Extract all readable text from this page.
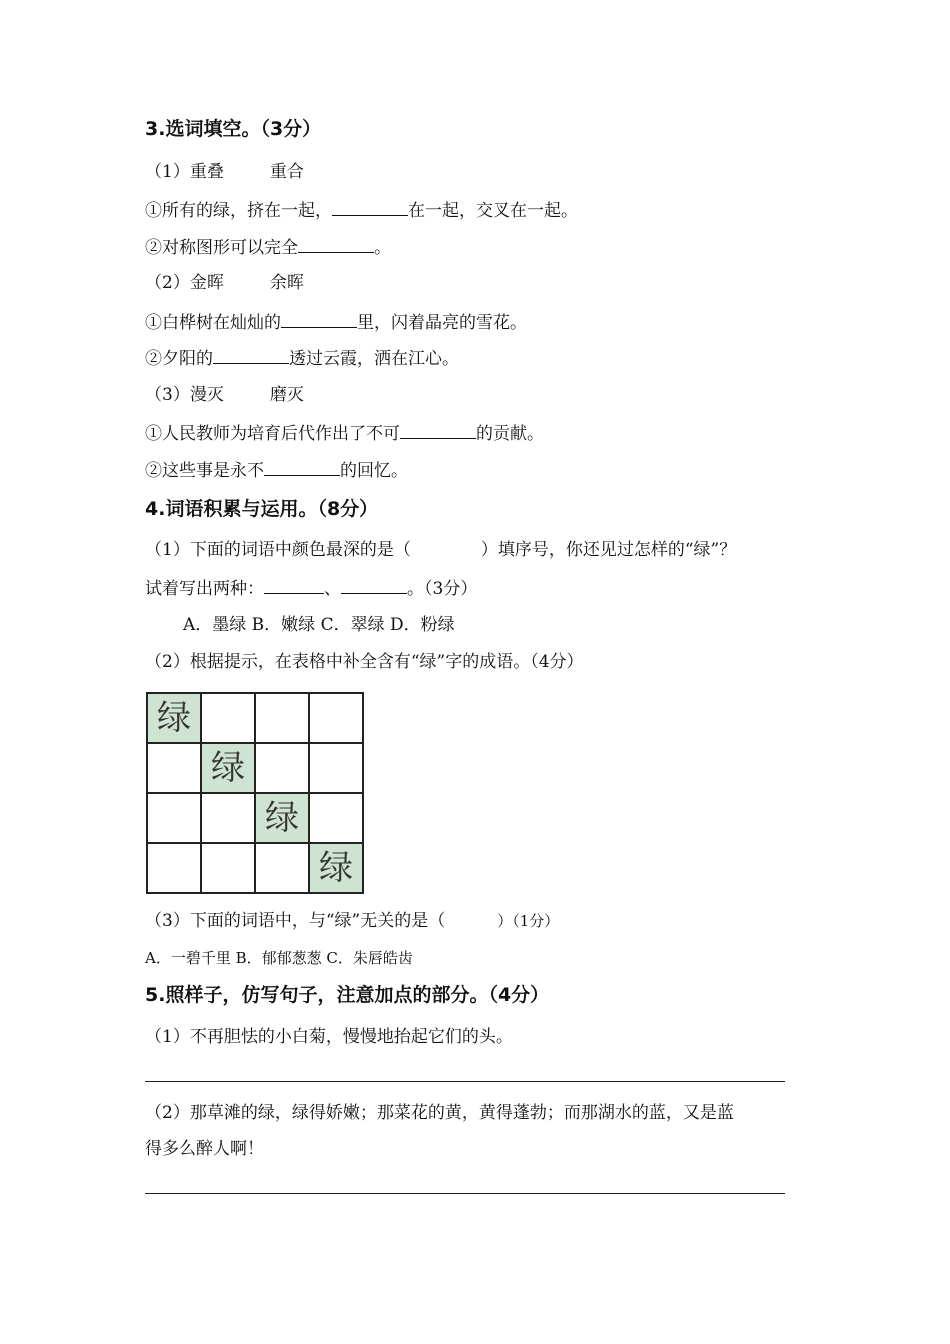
3.选词填空。（3分）
（1）重叠	重合
①所有的绿，挤在一起，	在一起，交叉在一起。
②对称图形可以完全	。
（2）金晖	余晖
①白桦树在灿灿的	里，闪着晶亮的雪花。
②夕阳的	透过云霞，洒在江心。
（3）漫灭	磨灭
①人民教师为培育后代作出了不可	的贡献。
②这些事是永不	的回忆。
4.词语积累与运用。（8分）
（1）下面的词语中颜色最深的是（	）填序号，你还见过怎样的“绿”？
试着写出两种：	、	。（3分）
A．墨绿 B．嫩绿 C．翠绿 D．粉绿
（2）根据提示，在表格中补全含有“绿”字的成语。（4分）
绿			
	绿		
		绿	
			绿
（3）下面的词语中，与“绿”无关的是（	）（1分）
A．一碧千里 B．郁郁葱葱 C．朱唇皓齿
5.照样子，仿写句子，注意加点的部分。（4分）
（1）不再胆怯的小白菊，慢慢地抬起它们的头。
（2）那草滩的绿，绿得娇嫩；那菜花的黄，黄得蓬勃；而那湖水的蓝，又是蓝
得多么醉人啊！
